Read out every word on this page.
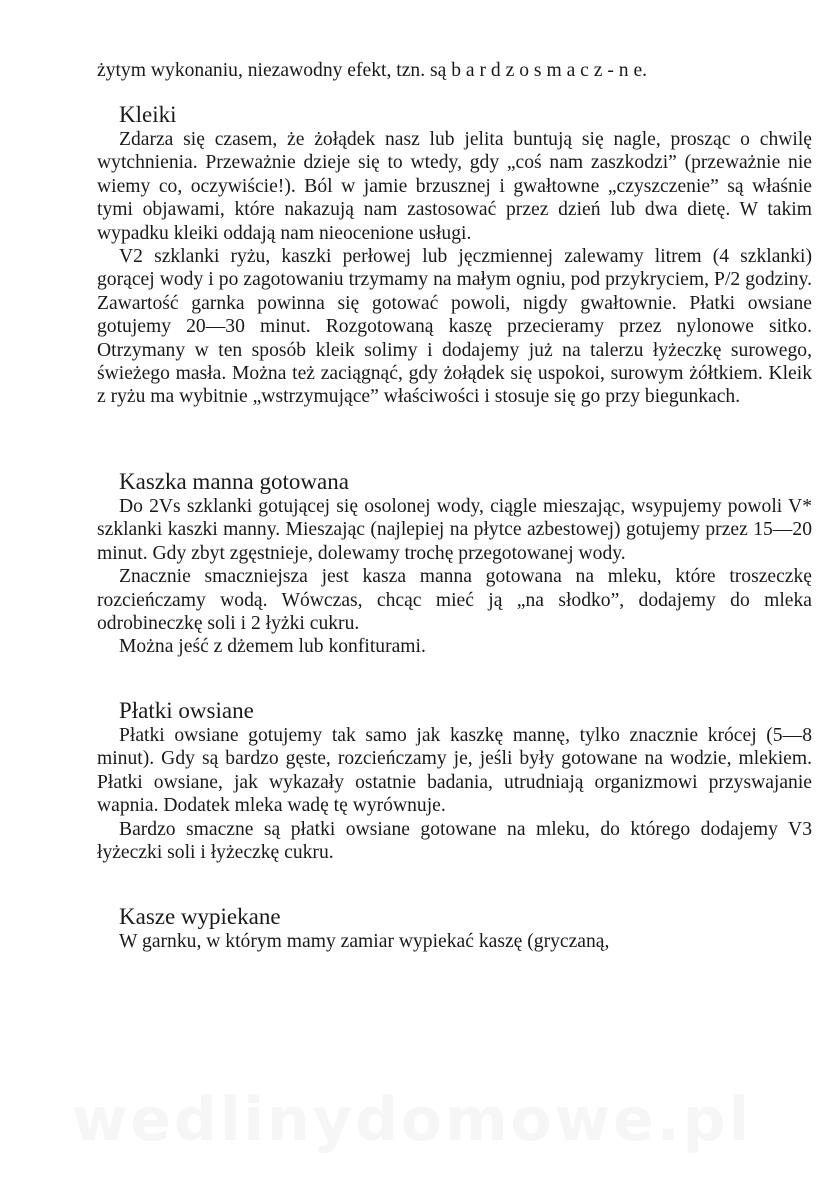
żytym wykonaniu, niezawodny efekt, tzn. są b a r d z o s m a c z - n e.
Kleiki

Zdarza się czasem, że żołądek nasz lub jelita buntują się nagle, prosząc o chwilę wytchnienia. Przeważnie dzieje się to wtedy, gdy „coś nam zaszkodzi” (przeważnie nie wiemy co, oczywiście!). Ból w jamie brzusznej i gwałtowne „czyszczenie” są właśnie tymi objawami, które nakazują nam zastosować przez dzień lub dwa dietę. W takim wypadku kleiki oddają nam nieocenione usługi.

V2 szklanki ryżu, kaszki perłowej lub jęczmiennej zalewamy litrem (4 szklanki) gorącej wody i po zagotowaniu trzymamy na małym ogniu, pod przykryciem, P/2 godziny. Zawartość garnka powinna się gotować powoli, nigdy gwałtownie. Płatki owsiane gotujemy 20—30 minut. Rozgotowaną kaszę przecieramy przez nylonowe sitko. Otrzymany w ten sposób kleik solimy i dodajemy już na talerzu łyżeczkę surowego, świeżego masła. Można też zaciągnąć, gdy żołądek się uspokoi, surowym żółtkiem. Kleik z ryżu ma wybitnie „wstrzymujące” właściwości i stosuje się go przy biegunkach.

Kaszka manna gotowana

Do 2Vs szklanki gotującej się osolonej wody, ciągle mieszając, wsypujemy powoli V* szklanki kaszki manny. Mieszając (najlepiej na płytce azbestowej) gotujemy przez 15—20 minut. Gdy zbyt zgęstnieje, dolewamy trochę przegotowanej wody.

Znacznie smaczniejsza jest kasza manna gotowana na mleku, które troszeczkę rozcieńczamy wodą. Wówczas, chcąc mieć ją „na słodko”, dodajemy do mleka odrobineczkę soli i 2 łyżki cukru.

Można jeść z dżemem lub konfiturami.

Płatki owsiane

Płatki owsiane gotujemy tak samo jak kaszkę mannę, tylko znacznie krócej (5—8 minut). Gdy są bardzo gęste, rozcieńczamy je, jeśli były gotowane na wodzie, mlekiem. Płatki owsiane, jak wykazały ostatnie badania, utrudniają organizmowi przyswajanie wapnia. Dodatek mleka wadę tę wyrównuje.

Bardzo smaczne są płatki owsiane gotowane na mleku, do którego dodajemy V3 łyżeczki soli i łyżeczkę cukru.

Kasze wypiekane

W garnku, w którym mamy zamiar wypiekać kaszę (gryczaną,

wedlinydomowe.pl
